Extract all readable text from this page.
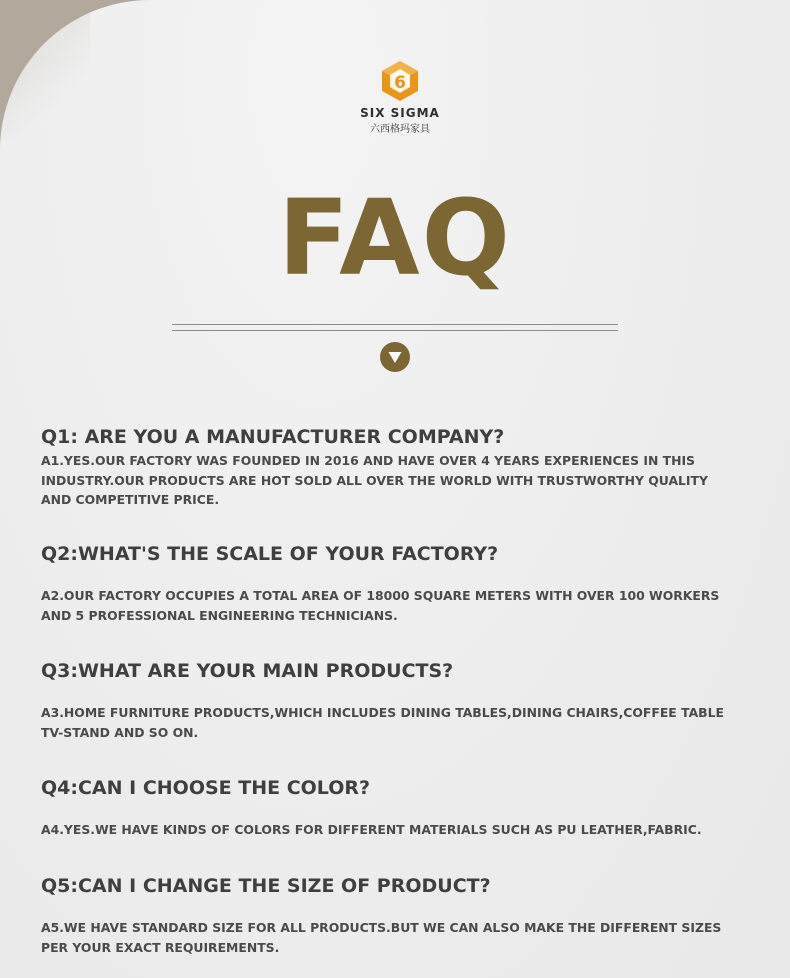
6
SIX SIGMA
六西格玛家具
FAQ

Q1: ARE YOU A MANUFACTURER COMPANY?

A1.YES.OUR FACTORY WAS FOUNDED IN 2016 AND HAVE OVER 4 YEARS EXPERIENCES IN THIS INDUSTRY.OUR PRODUCTS ARE HOT SOLD ALL OVER THE WORLD WITH TRUSTWORTHY QUALITY AND COMPETITIVE PRICE.

Q2:WHAT'S THE SCALE OF YOUR FACTORY?

A2.OUR FACTORY OCCUPIES A TOTAL AREA OF 18000 SQUARE METERS WITH OVER 100 WORKERS AND 5 PROFESSIONAL ENGINEERING TECHNICIANS.

Q3:WHAT ARE YOUR MAIN PRODUCTS?

A3.HOME FURNITURE PRODUCTS,WHICH INCLUDES DINING TABLES,DINING CHAIRS,COFFEE TABLE TV-STAND AND SO ON.

Q4:CAN I CHOOSE THE COLOR?

A4.YES.WE HAVE KINDS OF COLORS FOR DIFFERENT MATERIALS SUCH AS PU LEATHER,FABRIC.

Q5:CAN I CHANGE THE SIZE OF PRODUCT?

A5.WE HAVE STANDARD SIZE FOR ALL PRODUCTS.BUT WE CAN ALSO MAKE THE DIFFERENT SIZES PER YOUR EXACT REQUIREMENTS.
